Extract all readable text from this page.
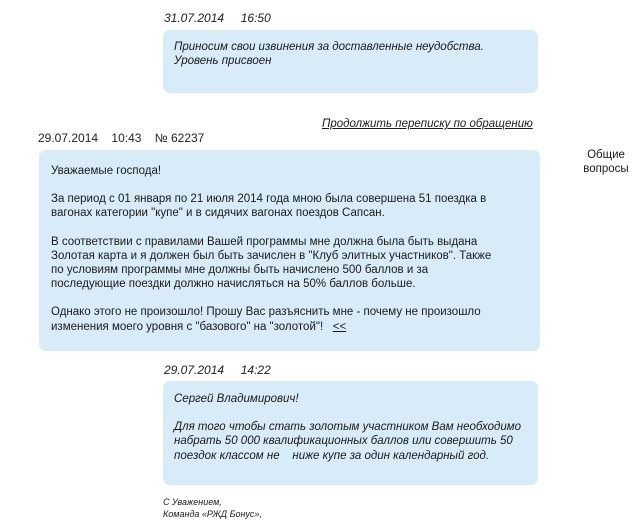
31.07.2014 16:50

Приносим свои извинения за доставленные неудобства.
Уровень присвоен

Продолжить переписку по обращению
29.07.2014 10:43 № 62237

Уважаемые господа!

За период с 01 января по 21 июля 2014 года мною была совершена 51 поездка в
вагонах категории "купе" и в сидячих вагонах поездов Сапсан.

В соответствии с правилами Вашей программы мне должна была быть выдана
Золотая карта и я должен был быть зачислен в "Клуб элитных участников". Также
по условиям программы мне должны быть начислено 500 баллов и за
последующие поездки должно начисляться на 50% баллов больше.

Однако этого не произошло! Прошу Вас разъяснить мне - почему не произошло
изменения моего уровня с "базового" на "золотой"! <<

Общие
вопросы
29.07.2014 14:22

Сергей Владимирович!

Для того чтобы стать золотым участником Вам необходимо
набрать 50 000 квалификационных баллов или совершить 50
поездок классом не    ниже купе за один календарный год.

С Уважением,
Команда «РЖД Бонус»,
